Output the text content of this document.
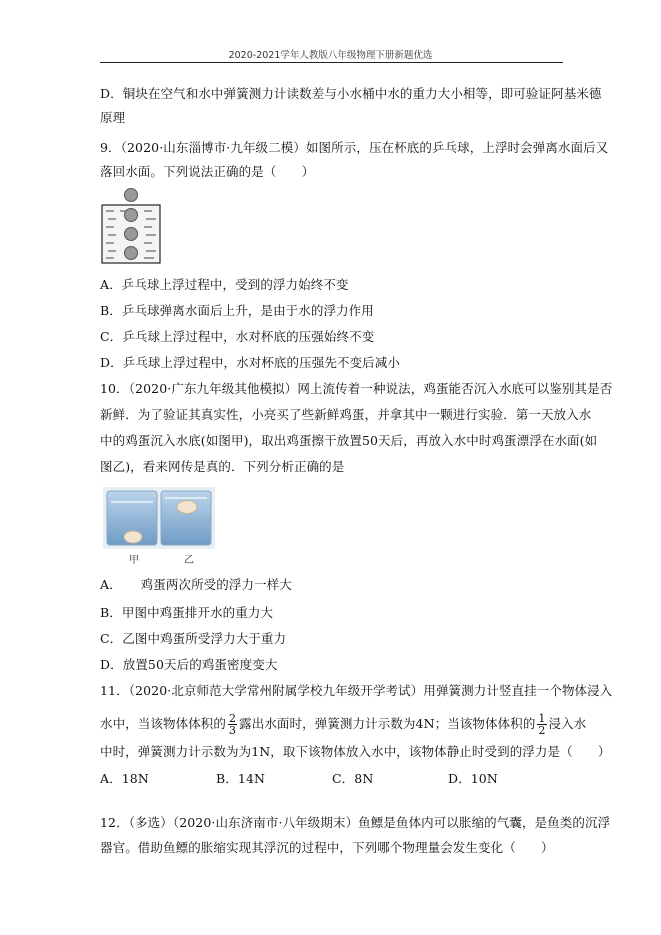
2020-2021学年人教版八年级物理下册新题优选
D．铜块在空气和水中弹簧测力计读数差与小水桶中水的重力大小相等，即可验证阿基米德
原理
9．（2020·山东淄博市·九年级二模）如图所示，压在杯底的乒乓球，上浮时会弹离水面后又
落回水面。下列说法正确的是（　　）
A．乒乓球上浮过程中，受到的浮力始终不变
B．乒乓球弹离水面后上升，是由于水的浮力作用
C．乒乓球上浮过程中，水对杯底的压强始终不变
D．乒乓球上浮过程中，水对杯底的压强先不变后减小
10．（2020·广东九年级其他模拟）网上流传着一种说法，鸡蛋能否沉入水底可以鉴别其是否
新鲜．为了验证其真实性，小亮买了些新鲜鸡蛋，并拿其中一颗进行实验．第一天放入水
中的鸡蛋沉入水底(如图甲)，取出鸡蛋擦干放置50天后，再放入水中时鸡蛋漂浮在水面(如
图乙)，看来网传是真的．下列分析正确的是
甲	乙
A．　　鸡蛋两次所受的浮力一样大
B．甲图中鸡蛋排开水的重力大
C．乙图中鸡蛋所受浮力大于重力
D．放置50天后的鸡蛋密度变大
11．（2020·北京师范大学常州附属学校九年级开学考试）用弹簧测力计竖直挂一个物体浸入
水中，当该物体体积的 $\frac{2}{3}$ 露出水面时，弹簧测力计示数为4N；当该物体体积的 $\frac{1}{2}$ 浸入水
中时，弹簧测力计示数为为1N，取下该物体放入水中，该物体静止时受到的浮力是（　　）
A．18N	B．14N	C．8N	D．10N
12．（多选）（2020·山东济南市·八年级期末）鱼鳔是鱼体内可以胀缩的气囊，是鱼类的沉浮
器官。借助鱼鳔的胀缩实现其浮沉的过程中，下列哪个物理量会发生变化（　　）
